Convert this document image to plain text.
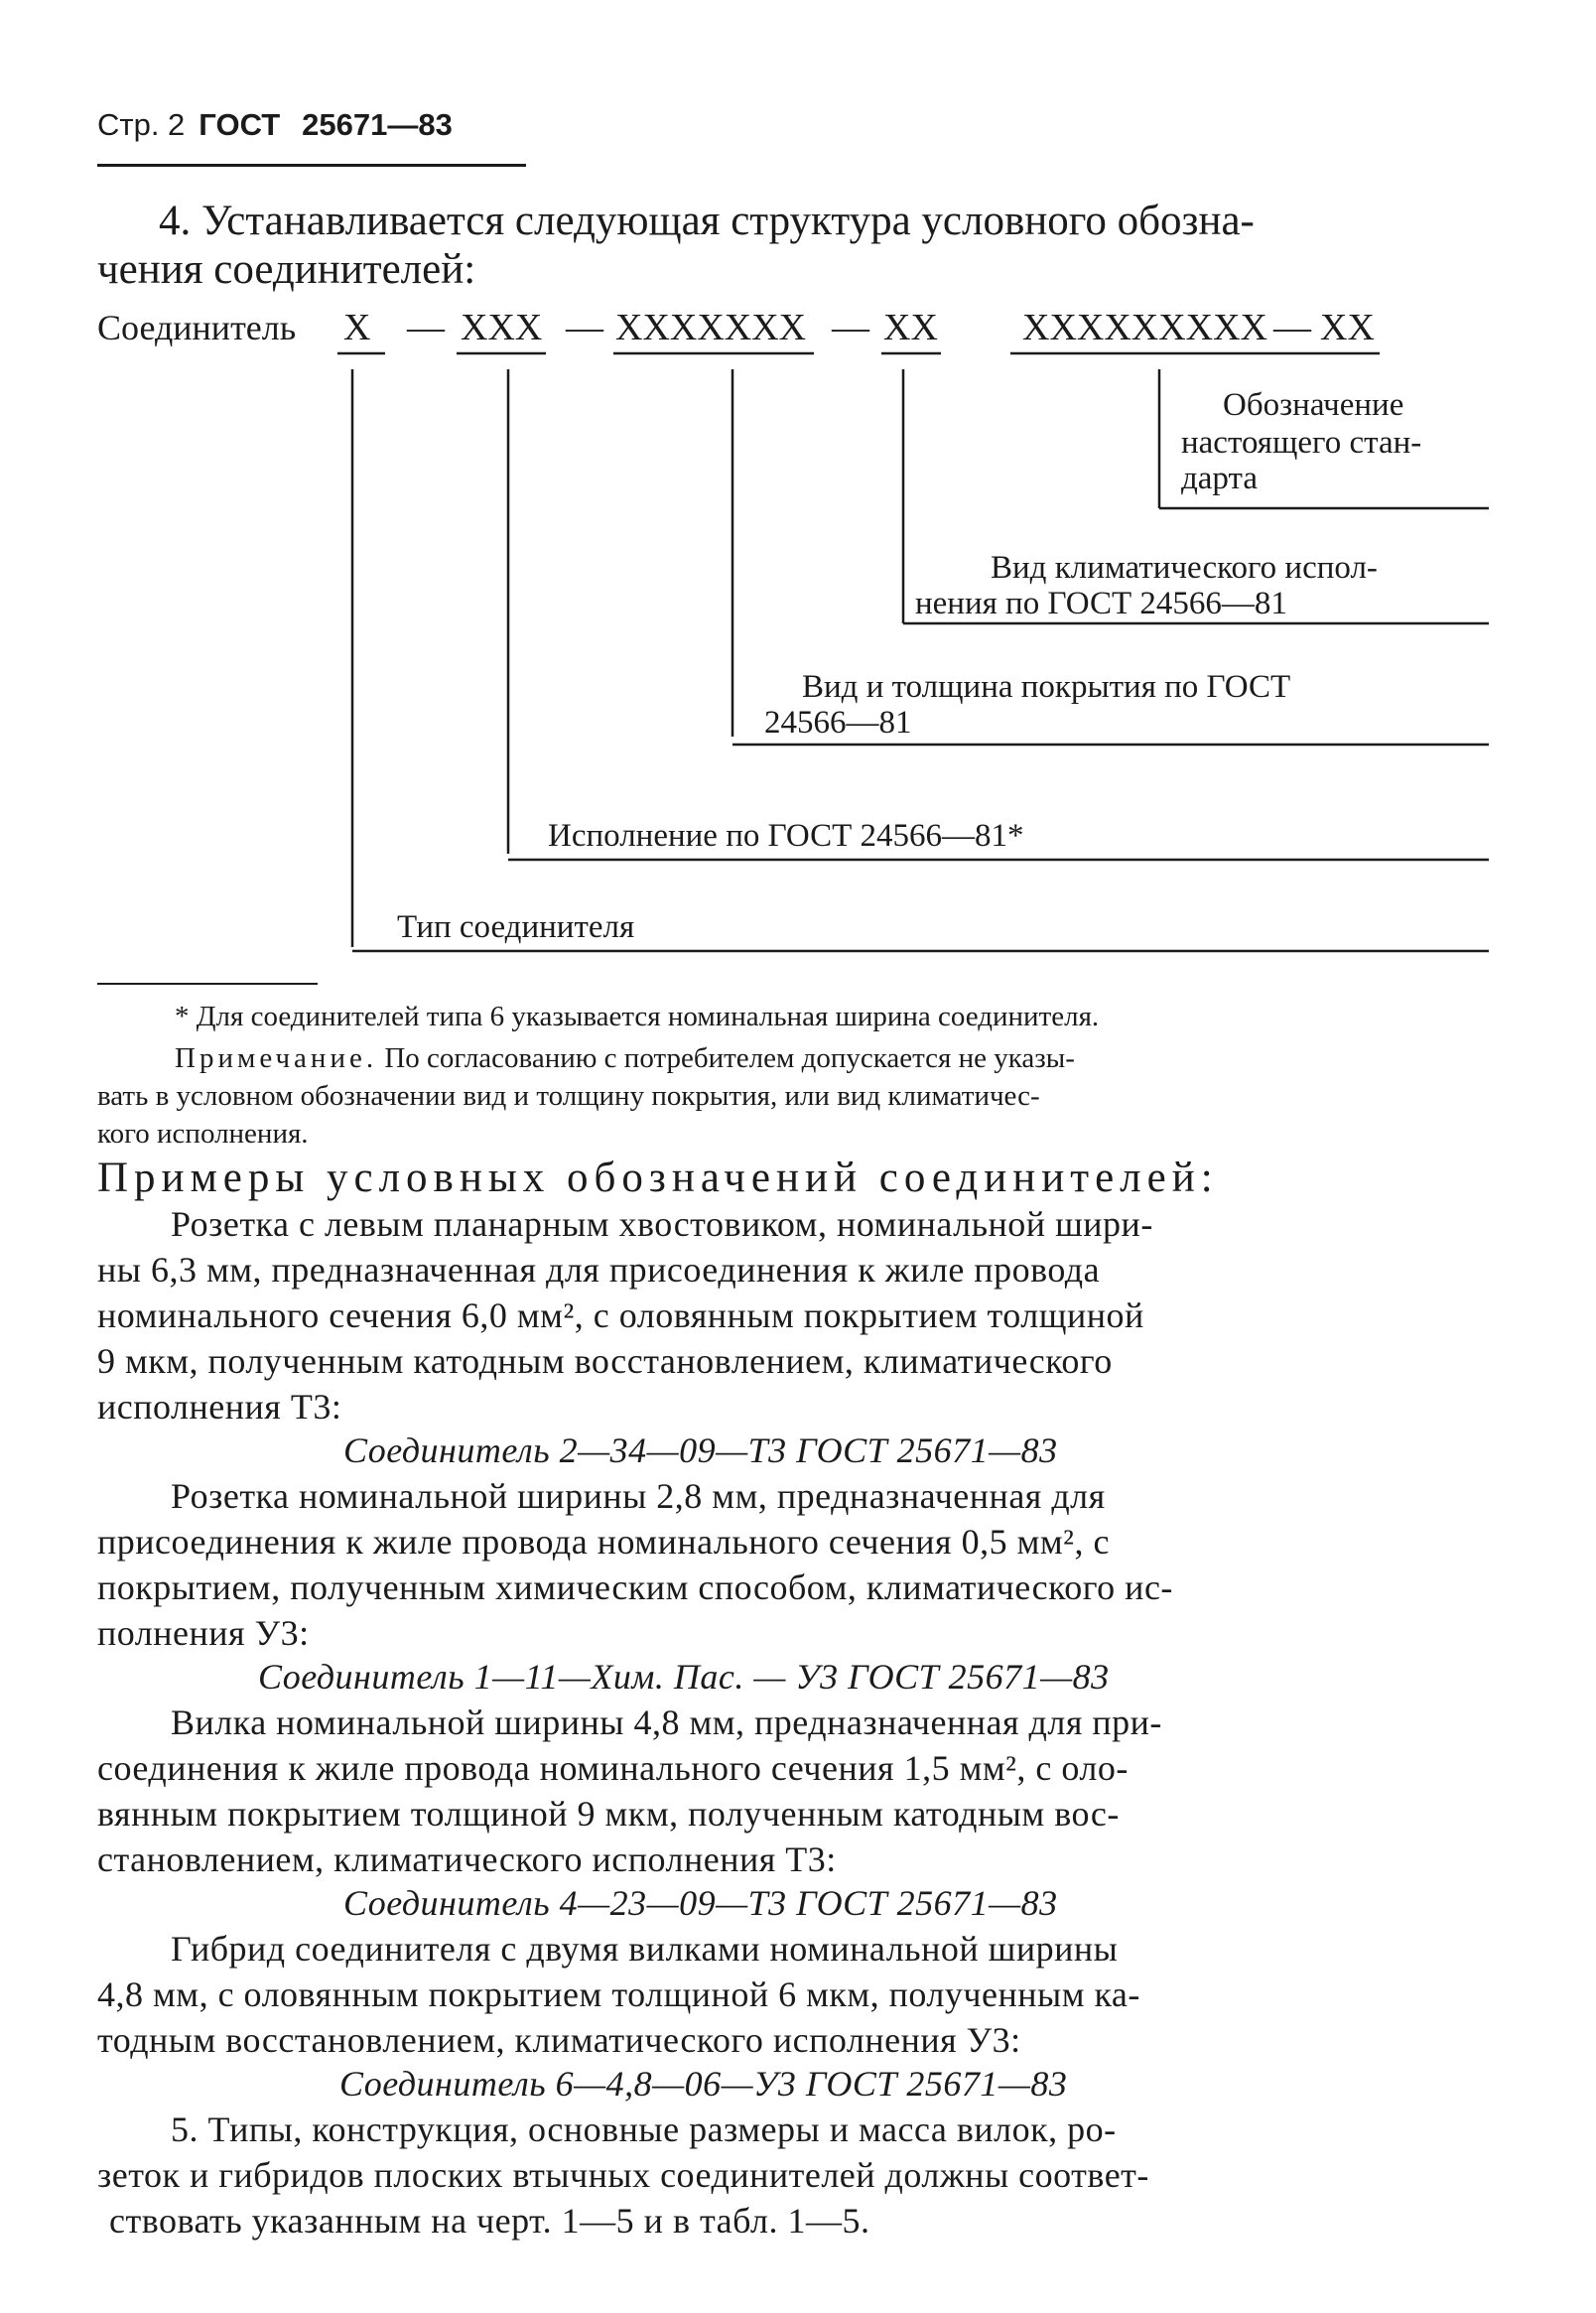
Стр. 2 ГОСТ 25671—83
4. Устанавливается следующая структура условного обозна-
чения соединителей:
Соединитель X — XXX — XXXXXXX — XX XXXXXXXXX — XX
Обозначение
настоящего стан-
дарта
Вид климатического испол-
нения по ГОСТ 24566—81
Вид и толщина покрытия по ГОСТ
24566—81
Исполнение по ГОСТ 24566—81*
Тип соединителя
* Для соединителей типа 6 указывается номинальная ширина соединителя.
Примечание. По согласованию с потребителем допускается не указы-
вать в условном обозначении вид и толщину покрытия, или вид климатичес-
кого исполнения.
Примеры условных обозначений соединителей:
Розетка с левым планарным хвостовиком, номинальной шири-
ны 6,3 мм, предназначенная для присоединения к жиле провода
номинального сечения 6,0 мм², с оловянным покрытием толщиной
9 мкм, полученным катодным восстановлением, климатического
исполнения Т3:
Соединитель 2—34—09—Т3 ГОСТ 25671—83
Розетка номинальной ширины 2,8 мм, предназначенная для
присоединения к жиле провода номинального сечения 0,5 мм², с
покрытием, полученным химическим способом, климатического ис-
полнения У3:
Соединитель 1—11—Хим. Пас. — У3 ГОСТ 25671—83
Вилка номинальной ширины 4,8 мм, предназначенная для при-
соединения к жиле провода номинального сечения 1,5 мм², с оло-
вянным покрытием толщиной 9 мкм, полученным катодным вос-
становлением, климатического исполнения Т3:
Соединитель 4—23—09—Т3 ГОСТ 25671—83
Гибрид соединителя с двумя вилками номинальной ширины
4,8 мм, с оловянным покрытием толщиной 6 мкм, полученным ка-
тодным восстановлением, климатического исполнения У3:
Соединитель 6—4,8—06—У3 ГОСТ 25671—83
5. Типы, конструкция, основные размеры и масса вилок, ро-
зеток и гибридов плоских втычных соединителей должны соответ-
ствовать указанным на черт. 1—5 и в табл. 1—5.
